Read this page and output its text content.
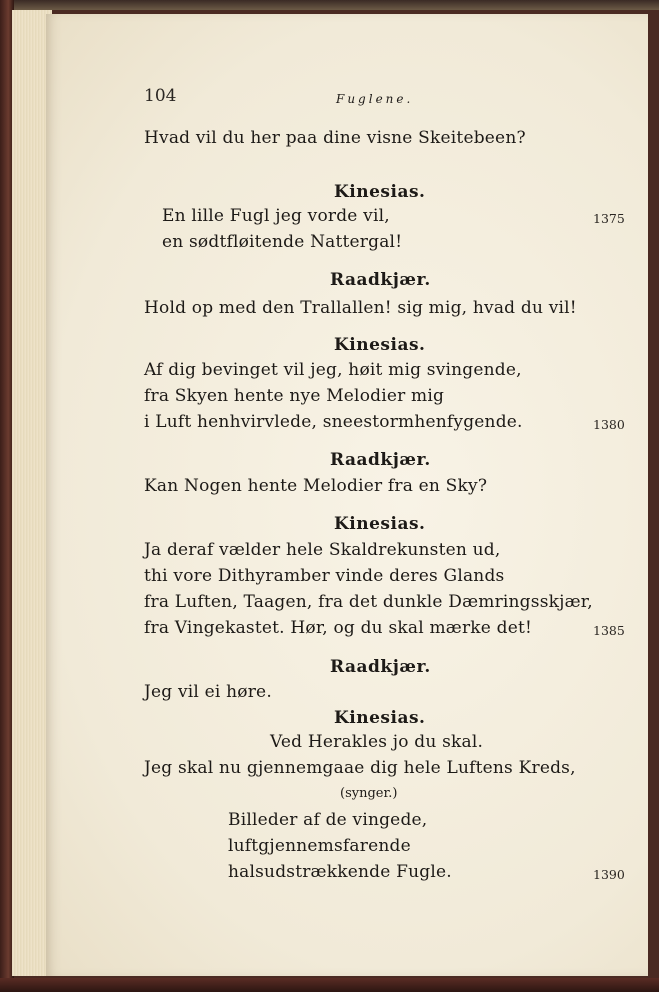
104	Fuglene.
Hvad vil du her paa dine visne Skeitebeen?
Kinesias.
En lille Fugl jeg vorde vil,	1375
en sødtfløitende Nattergal!
Raadkjær.
Hold op med den Trallallen! sig mig, hvad du vil!
Kinesias.
Af dig bevinget vil jeg, høit mig svingende,
fra Skyen hente nye Melodier mig
i Luft henhvirvlede, sneestormhenfygende.	1380
Raadkjær.
Kan Nogen hente Melodier fra en Sky?
Kinesias.
Ja deraf vælder hele Skaldrekunsten ud,
thi vore Dithyramber vinde deres Glands
fra Luften, Taagen, fra det dunkle Dæmringsskjær,
fra Vingekastet. Hør, og du skal mærke det!	1385
Raadkjær.
Jeg vil ei høre.
Kinesias.
Ved Herakles jo du skal.
Jeg skal nu gjennemgaae dig hele Luftens Kreds,
(synger.)
Billeder af de vingede,
luftgjennemsfarende
halsudstrækkende Fugle.	1390
